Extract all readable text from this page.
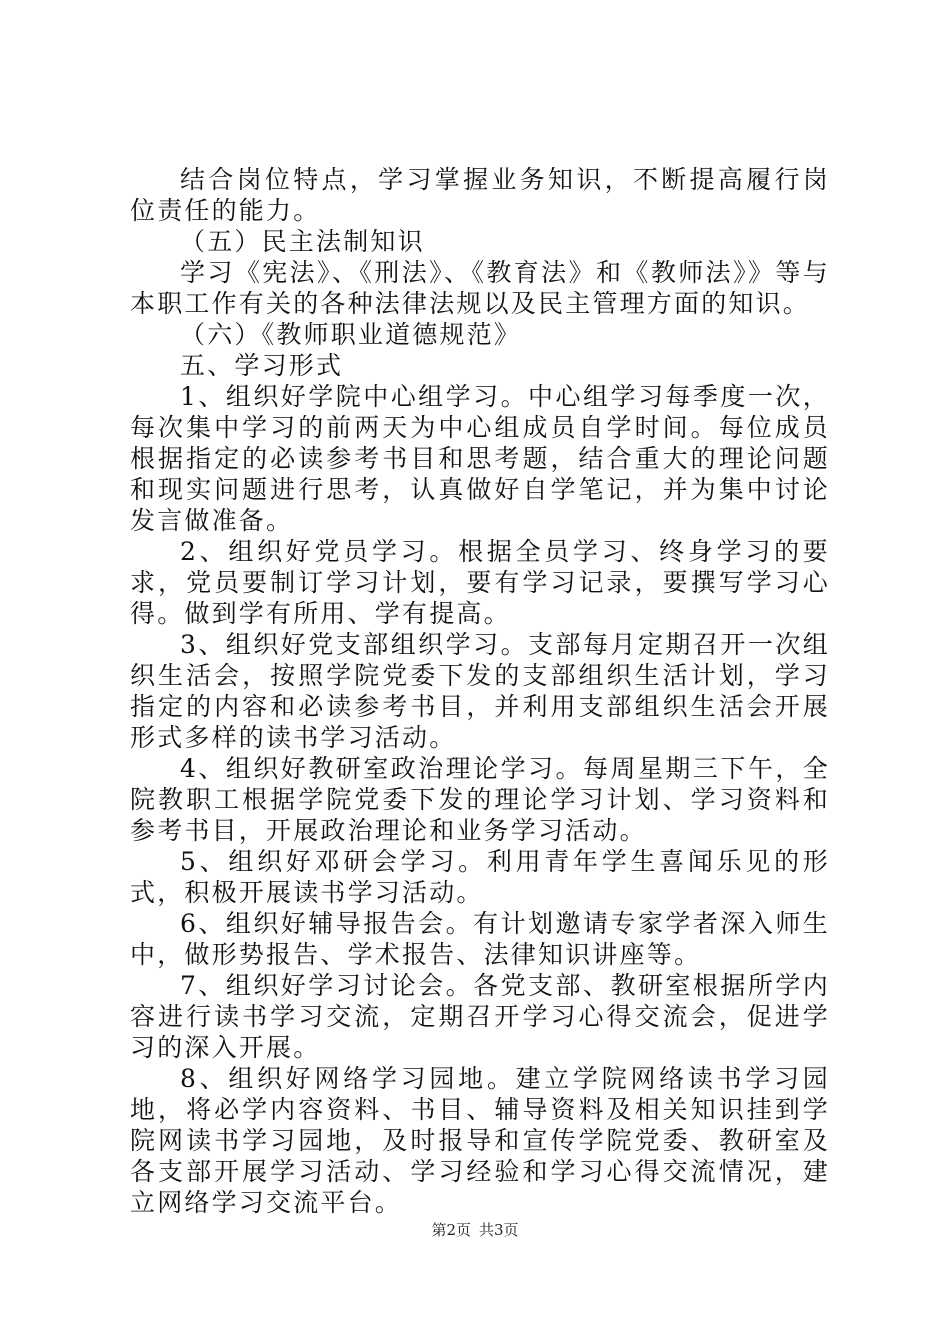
结合岗位特点，学习掌握业务知识，不断提高履行岗位责任的能力。

（五）民主法制知识

学习《宪法》、《刑法》、《教育法》和《教师法》》等与本职工作有关的各种法律法规以及民主管理方面的知识。

（六）《教师职业道德规范》

五、学习形式

1、组织好学院中心组学习。中心组学习每季度一次，每次集中学习的前两天为中心组成员自学时间。每位成员根据指定的必读参考书目和思考题，结合重大的理论问题和现实问题进行思考，认真做好自学笔记，并为集中讨论发言做准备。

2、组织好党员学习。根据全员学习、终身学习的要求，党员要制订学习计划，要有学习记录，要撰写学习心得。做到学有所用、学有提高。

3、组织好党支部组织学习。支部每月定期召开一次组织生活会，按照学院党委下发的支部组织生活计划，学习指定的内容和必读参考书目，并利用支部组织生活会开展形式多样的读书学习活动。

4、组织好教研室政治理论学习。每周星期三下午，全院教职工根据学院党委下发的理论学习计划、学习资料和参考书目，开展政治理论和业务学习活动。

5、组织好邓研会学习。利用青年学生喜闻乐见的形式，积极开展读书学习活动。

6、组织好辅导报告会。有计划邀请专家学者深入师生中，做形势报告、学术报告、法律知识讲座等。

7、组织好学习讨论会。各党支部、教研室根据所学内容进行读书学习交流，定期召开学习心得交流会，促进学习的深入开展。

8、组织好网络学习园地。建立学院网络读书学习园地，将必学内容资料、书目、辅导资料及相关知识挂到学院网读书学习园地，及时报导和宣传学院党委、教研室及各支部开展学习活动、学习经验和学习心得交流情况，建立网络学习交流平台。

第2页 共3页
